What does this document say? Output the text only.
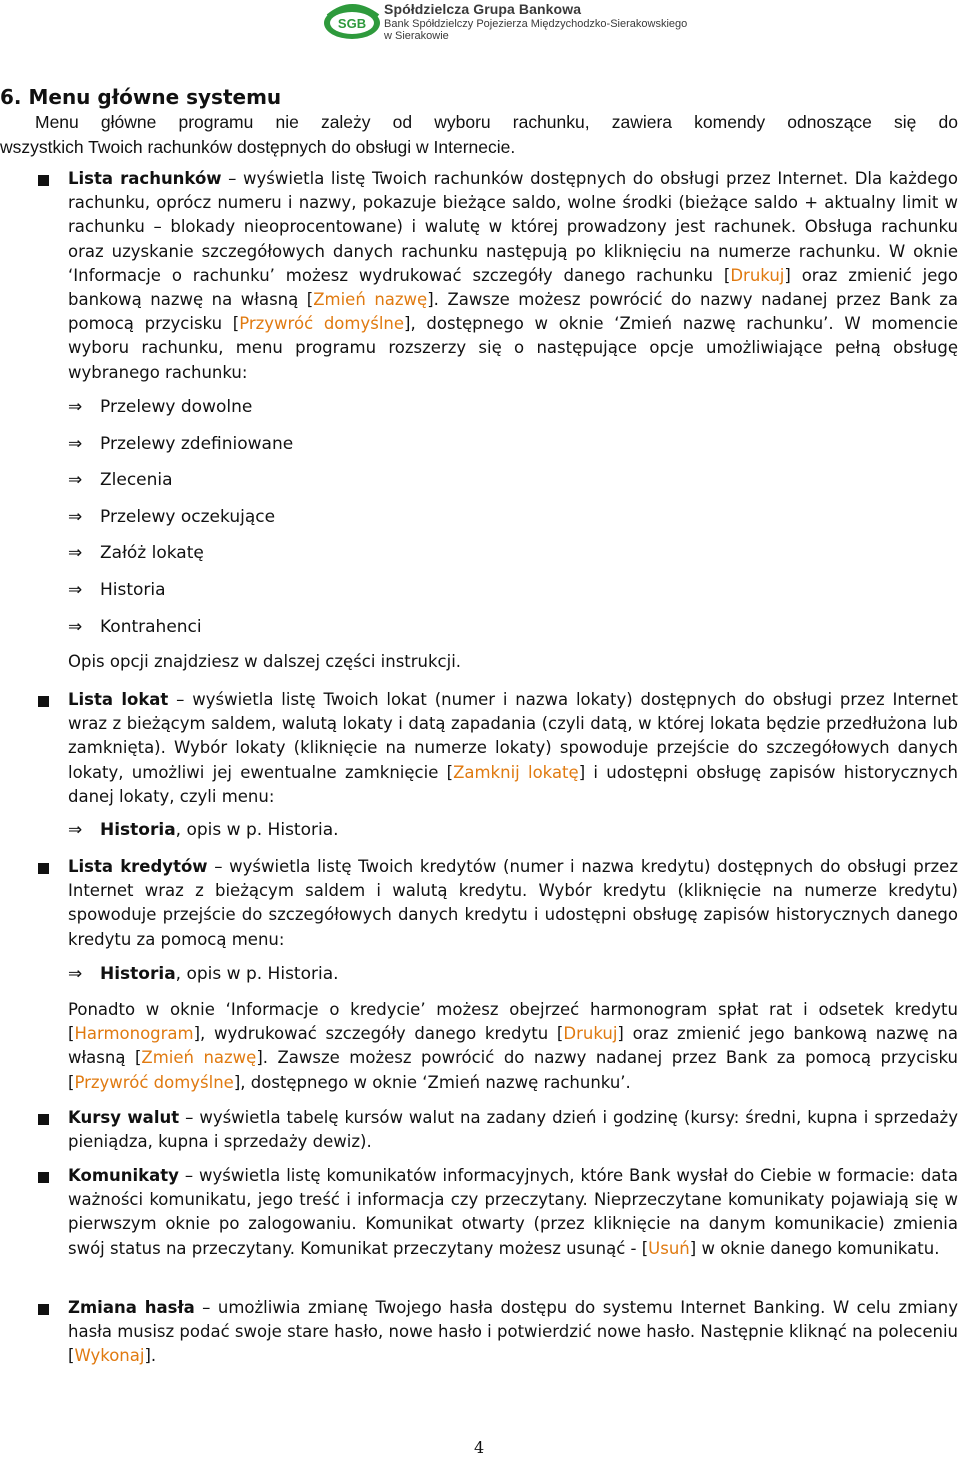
SGB
Spółdzielcza Grupa Bankowa
Bank Spółdzielczy Pojezierza Międzychodzko-Sierakowskiego
w Sierakowie
6. Menu główne systemu
Menu główne programu nie zależy od wyboru rachunku, zawiera komendy odnoszące się do
wszystkich Twoich rachunków dostępnych do obsługi w Internecie.
Lista rachunków – wyświetla listę Twoich rachunków dostępnych do obsługi przez Internet. Dla każdego rachunku, oprócz numeru i nazwy, pokazuje bieżące saldo, wolne środki (bieżące saldo + aktualny limit w rachunku – blokady nieoprocentowane) i walutę w której prowadzony jest rachunek. Obsługa rachunku oraz uzyskanie szczegółowych danych rachunku następują po kliknięciu na numerze rachunku. W oknie ‘Informacje o rachunku’ możesz wydrukować szczegóły danego rachunku [Drukuj] oraz zmienić jego bankową nazwę na własną [Zmień nazwę]. Zawsze możesz powrócić do nazwy nadanej przez Bank za pomocą przycisku [Przywróć domyślne], dostępnego w oknie ‘Zmień nazwę rachunku’. W momencie wyboru rachunku, menu programu rozszerzy się o następujące opcje umożliwiające pełną obsługę wybranego rachunku:
⇒ Przelewy dowolne
⇒ Przelewy zdefiniowane
⇒ Zlecenia
⇒ Przelewy oczekujące
⇒ Załóż lokatę
⇒ Historia
⇒ Kontrahenci
Opis opcji znajdziesz w dalszej części instrukcji.
Lista lokat – wyświetla listę Twoich lokat (numer i nazwa lokaty) dostępnych do obsługi przez Internet wraz z bieżącym saldem, walutą lokaty i datą zapadania (czyli datą, w której lokata będzie przedłużona lub zamknięta). Wybór lokaty (kliknięcie na numerze lokaty) spowoduje przejście do szczegółowych danych lokaty, umożliwi jej ewentualne zamknięcie [Zamknij lokatę] i udostępni obsługę zapisów historycznych danej lokaty, czyli menu:
⇒ Historia, opis w p. Historia.
Lista kredytów – wyświetla listę Twoich kredytów (numer i nazwa kredytu) dostępnych do obsługi przez Internet wraz z bieżącym saldem i walutą kredytu. Wybór kredytu (kliknięcie na numerze kredytu) spowoduje przejście do szczegółowych danych kredytu i udostępni obsługę zapisów historycznych danego kredytu za pomocą menu:
⇒ Historia, opis w p. Historia.
Ponadto w oknie ‘Informacje o kredycie’ możesz obejrzeć harmonogram spłat rat i odsetek kredytu [Harmonogram], wydrukować szczegóły danego kredytu [Drukuj] oraz zmienić jego bankową nazwę na własną [Zmień nazwę]. Zawsze możesz powrócić do nazwy nadanej przez Bank za pomocą przycisku [Przywróć domyślne], dostępnego w oknie ‘Zmień nazwę rachunku’.
Kursy walut – wyświetla tabelę kursów walut na zadany dzień i godzinę (kursy: średni, kupna i sprzedaży pieniądza, kupna i sprzedaży dewiz).
Komunikaty – wyświetla listę komunikatów informacyjnych, które Bank wysłał do Ciebie w formacie: data ważności komunikatu, jego treść i informacja czy przeczytany. Nieprzeczytane komunikaty pojawiają się w pierwszym oknie po zalogowaniu. Komunikat otwarty (przez kliknięcie na danym komunikacie) zmienia swój status na przeczytany. Komunikat przeczytany możesz usunąć - [Usuń] w oknie danego komunikatu.
Zmiana hasła – umożliwia zmianę Twojego hasła dostępu do systemu Internet Banking. W celu zmiany hasła musisz podać swoje stare hasło, nowe hasło i potwierdzić nowe hasło. Następnie kliknąć na poleceniu [Wykonaj].
4
